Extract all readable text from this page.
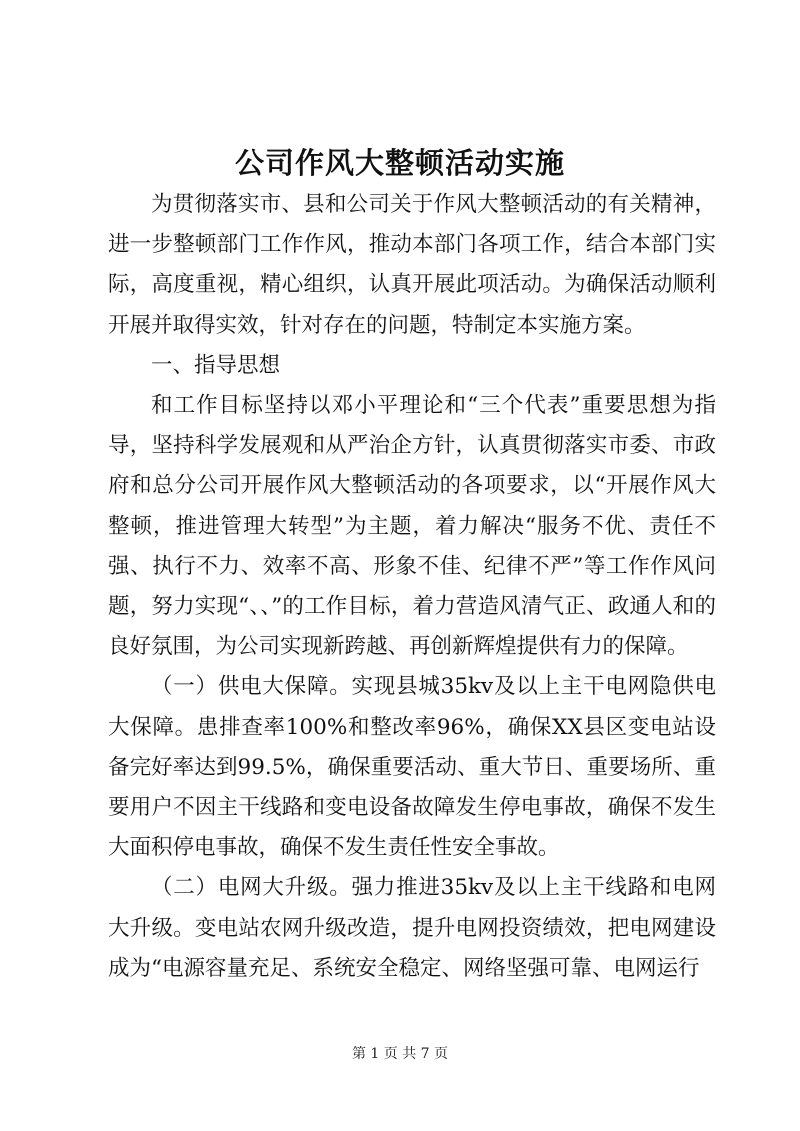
公司作风大整顿活动实施

为贯彻落实市、县和公司关于作风大整顿活动的有关精神，进一步整顿部门工作作风，推动本部门各项工作，结合本部门实际，高度重视，精心组织，认真开展此项活动。为确保活动顺利开展并取得实效，针对存在的问题，特制定本实施方案。

一、指导思想

和工作目标坚持以邓小平理论和“三个代表”重要思想为指导，坚持科学发展观和从严治企方针，认真贯彻落实市委、市政府和总分公司开展作风大整顿活动的各项要求，以“开展作风大整顿，推进管理大转型”为主题，着力解决“服务不优、责任不强、执行不力、效率不高、形象不佳、纪律不严”等工作作风问题，努力实现“、、”的工作目标，着力营造风清气正、政通人和的良好氛围，为公司实现新跨越、再创新辉煌提供有力的保障。

（一）供电大保障。实现县城35kv及以上主干电网隐供电大保障。患排查率100%和整改率96%，确保XX县区变电站设备完好率达到99.5%，确保重要活动、重大节日、重要场所、重要用户不因主干线路和变电设备故障发生停电事故，确保不发生大面积停电事故，确保不发生责任性安全事故。

（二）电网大升级。强力推进35kv及以上主干线路和电网大升级。变电站农网升级改造，提升电网投资绩效，把电网建设成为“电源容量充足、系统安全稳定、网络坚强可靠、电网运行

第 1 页 共 7 页
